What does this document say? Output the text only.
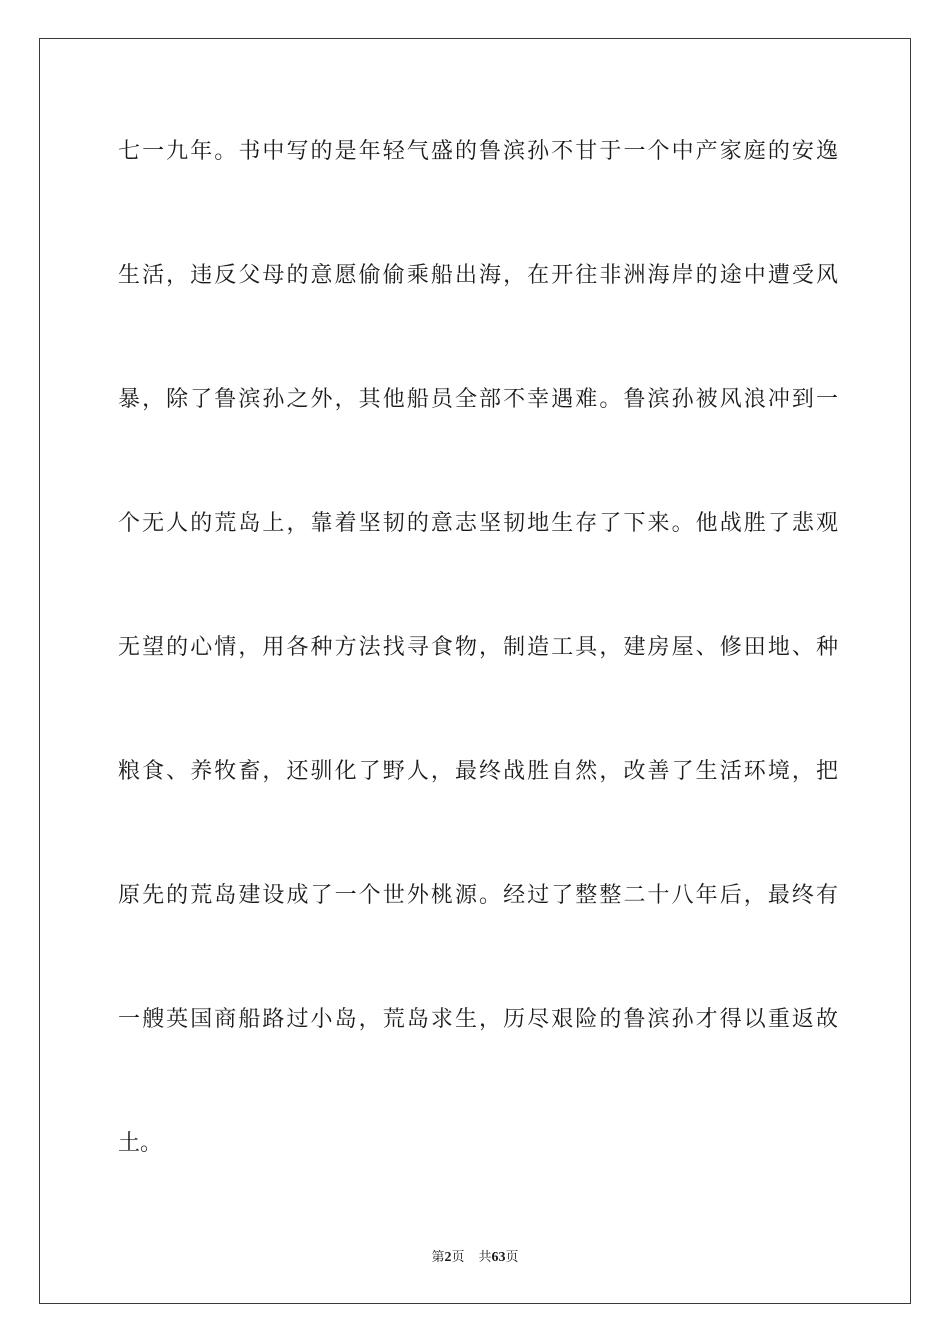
七一九年。书中写的是年轻气盛的鲁滨孙不甘于一个中产家庭的安逸
生活，违反父母的意愿偷偷乘船出海，在开往非洲海岸的途中遭受风
暴，除了鲁滨孙之外，其他船员全部不幸遇难。鲁滨孙被风浪冲到一
个无人的荒岛上，靠着坚韧的意志坚韧地生存了下来。他战胜了悲观
无望的心情，用各种方法找寻食物，制造工具，建房屋、修田地、种
粮食、养牧畜，还驯化了野人，最终战胜自然，改善了生活环境，把
原先的荒岛建设成了一个世外桃源。经过了整整二十八年后，最终有
一艘英国商船路过小岛，荒岛求生，历尽艰险的鲁滨孙才得以重返故
土。
第2页 共63页
